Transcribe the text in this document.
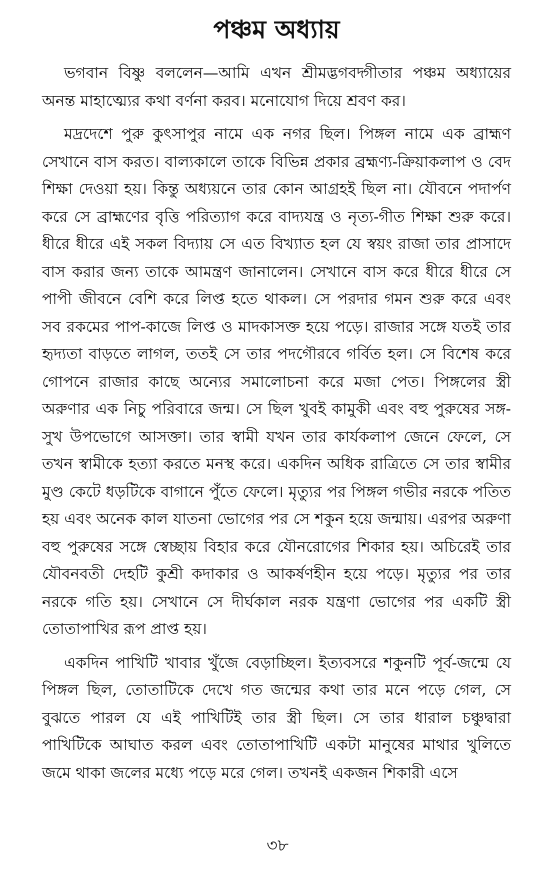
পঞ্চম অধ্যায়

ভগবান বিষ্ণু বললেন—আমি এখন শ্রীমদ্ভগবদ্গীতার পঞ্চম অধ্যায়ের অনন্ত মাহাত্ম্যের কথা বর্ণনা করব। মনোযোগ দিয়ে শ্রবণ কর।

মদ্রদেশে পুরু কুৎসাপুর নামে এক নগর ছিল। পিঙ্গল নামে এক ব্রাহ্মণ সেখানে বাস করত। বাল্যকালে তাকে বিভিন্ন প্রকার ব্রহ্মণ্য-ক্রিয়াকলাপ ও বেদ শিক্ষা দেওয়া হয়। কিন্তু অধ্যয়নে তার কোন আগ্রহই ছিল না। যৌবনে পদার্পণ করে সে ব্রাহ্মণের বৃত্তি পরিত্যাগ করে বাদ্যযন্ত্র ও নৃত্য-গীত শিক্ষা শুরু করে। ধীরে ধীরে এই সকল বিদ্যায় সে এত বিখ্যাত হল যে স্বয়ং রাজা তার প্রাসাদে বাস করার জন্য তাকে আমন্ত্রণ জানালেন। সেখানে বাস করে ধীরে ধীরে সে পাপী জীবনে বেশি করে লিপ্ত হতে থাকল। সে পরদার গমন শুরু করে এবং সব রকমের পাপ-কাজে লিপ্ত ও মাদকাসক্ত হয়ে পড়ে। রাজার সঙ্গে যতই তার হৃদ্যতা বাড়তে লাগল, ততই সে তার পদগৌরবে গর্বিত হল। সে বিশেষ করে গোপনে রাজার কাছে অন্যের সমালোচনা করে মজা পেত। পিঙ্গলের স্ত্রী অরুণার এক নিচু পরিবারে জন্ম। সে ছিল খুবই কামুকী এবং বহু পুরুষের সঙ্গ-সুখ উপভোগে আসক্তা। তার স্বামী যখন তার কার্যকলাপ জেনে ফেলে, সে তখন স্বামীকে হত্যা করতে মনস্থ করে। একদিন অধিক রাত্রিতে সে তার স্বামীর মুণ্ড কেটে ধড়টিকে বাগানে পুঁতে ফেলে। মৃত্যুর পর পিঙ্গল গভীর নরকে পতিত হয় এবং অনেক কাল যাতনা ভোগের পর সে শকুন হয়ে জন্মায়। এরপর অরুণা বহু পুরুষের সঙ্গে স্বেচ্ছায় বিহার করে যৌনরোগের শিকার হয়। অচিরেই তার যৌবনবতী দেহটি কুশ্রী কদাকার ও আকর্ষণহীন হয়ে পড়ে। মৃত্যুর পর তার নরকে গতি হয়। সেখানে সে দীর্ঘকাল নরক যন্ত্রণা ভোগের পর একটি স্ত্রী তোতাপাখির রূপ প্রাপ্ত হয়।

একদিন পাখিটি খাবার খুঁজে বেড়াচ্ছিল। ইত্যবসরে শকুনটি পূর্ব-জন্মে যে পিঙ্গল ছিল, তোতাটিকে দেখে গত জন্মের কথা তার মনে পড়ে গেল, সে বুঝতে পারল যে এই পাখিটিই তার স্ত্রী ছিল। সে তার ধারাল চঞ্চুদ্বারা পাখিটিকে আঘাত করল এবং তোতাপাখিটি একটা মানুষের মাথার খুলিতে জমে থাকা জলের মধ্যে পড়ে মরে গেল। তখনই একজন শিকারী এসে

৩৮
